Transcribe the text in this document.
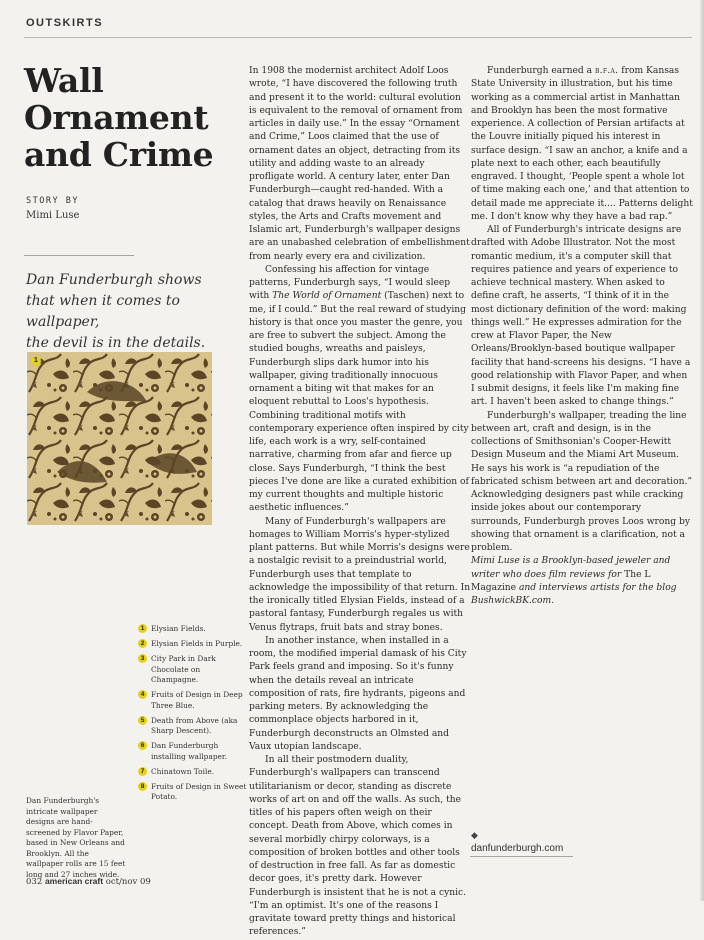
OUTSKIRTS
Wall
Ornament
and Crime
STORY BY
Mimi Luse
Dan Funderburgh shows
that when it comes to wallpaper,
the devil is in the details.
1
1 Elysian Fields.
2 Elysian Fields in Purple.
3 City Park in Dark Chocolate on Champagne.
4 Fruits of Design in Deep Three Blue.
5 Death from Above (aka Sharp Descent).
6 Dan Funderburgh installing wallpaper.
7 Chinatown Toile.
8 Fruits of Design in Sweet Potato.
Dan Funderburgh's intricate wallpaper designs are hand-screened by Flavor Paper, based in New Orleans and Brooklyn. All the wallpaper rolls are 15 feet long and 27 inches wide.

In 1908 the modernist architect Adolf Loos wrote, “I have discovered the following truth and present it to the world: cultural evolution is equivalent to the removal of ornament from articles in daily use.” In the essay “Ornament and Crime,” Loos claimed that the use of ornament dates an object, detracting from its utility and adding waste to an already profligate world. A century later, enter Dan Funderburgh—caught red-handed. With a catalog that draws heavily on Renaissance styles, the Arts and Crafts movement and Islamic art, Funderburgh's wallpaper designs are an unabashed celebration of embellishment from nearly every era and civilization.

Confessing his affection for vintage patterns, Funderburgh says, “I would sleep with The World of Ornament (Taschen) next to me, if I could.” But the real reward of studying history is that once you master the genre, you are free to subvert the subject. Among the studied boughs, wreaths and paisleys, Funderburgh slips dark humor into his wallpaper, giving traditionally innocuous ornament a biting wit that makes for an eloquent rebuttal to Loos's hypothesis. Combining traditional motifs with contemporary experience often inspired by city life, each work is a wry, self-contained narrative, charming from afar and fierce up close. Says Funderburgh, “I think the best pieces I've done are like a curated exhibition of my current thoughts and multiple historic aesthetic influences.”

Many of Funderburgh's wallpapers are homages to William Morris's hyper-stylized plant patterns. But while Morris's designs were a nostalgic revisit to a preindustrial world, Funderburgh uses that template to acknowledge the impossibility of that return. In the ironically titled Elysian Fields, instead of a pastoral fantasy, Funderburgh regales us with Venus flytraps, fruit bats and stray bones.

In another instance, when installed in a room, the modified imperial damask of his City Park feels grand and imposing. So it's funny when the details reveal an intricate composition of rats, fire hydrants, pigeons and parking meters. By acknowledging the commonplace objects harbored in it, Funderburgh deconstructs an Olmsted and Vaux utopian landscape.

In all their postmodern duality, Funderburgh's wallpapers can transcend utilitarianism or decor, standing as discrete works of art on and off the walls. As such, the titles of his papers often weigh on their concept. Death from Above, which comes in several morbidly chirpy colorways, is a composition of broken bottles and other tools of destruction in free fall. As far as domestic decor goes, it's pretty dark. However Funderburgh is insistent that he is not a cynic. “I'm an optimist. It's one of the reasons I gravitate toward pretty things and historical references.”

Funderburgh earned a b.f.a. from Kansas State University in illustration, but his time working as a commercial artist in Manhattan and Brooklyn has been the most formative experience. A collection of Persian artifacts at the Louvre initially piqued his interest in surface design. “I saw an anchor, a knife and a plate next to each other, each beautifully engraved. I thought, ‘People spent a whole lot of time making each one,’ and that attention to detail made me appreciate it.... Patterns delight me. I don't know why they have a bad rap.”

All of Funderburgh's intricate designs are drafted with Adobe Illustrator. Not the most romantic medium, it's a computer skill that requires patience and years of experience to achieve technical mastery. When asked to define craft, he asserts, “I think of it in the most dictionary definition of the word: making things well.” He expresses admiration for the crew at Flavor Paper, the New Orleans/Brooklyn-based boutique wallpaper facility that hand-screens his designs. “I have a good relationship with Flavor Paper, and when I submit designs, it feels like I'm making fine art. I haven't been asked to change things.”

Funderburgh's wallpaper, treading the line between art, craft and design, is in the collections of Smithsonian's Cooper-Hewitt Design Museum and the Miami Art Museum. He says his work is “a repudiation of the fabricated schism between art and decoration.” Acknowledging designers past while cracking inside jokes about our contemporary surrounds, Funderburgh proves Loos wrong by showing that ornament is a clarification, not a problem.

Mimi Luse is a Brooklyn-based jeweler and writer who does film reviews for The L Magazine and interviews artists for the blog BushwickBK.com.

◆
danfunderburgh.com
032 american craft oct/nov 09
